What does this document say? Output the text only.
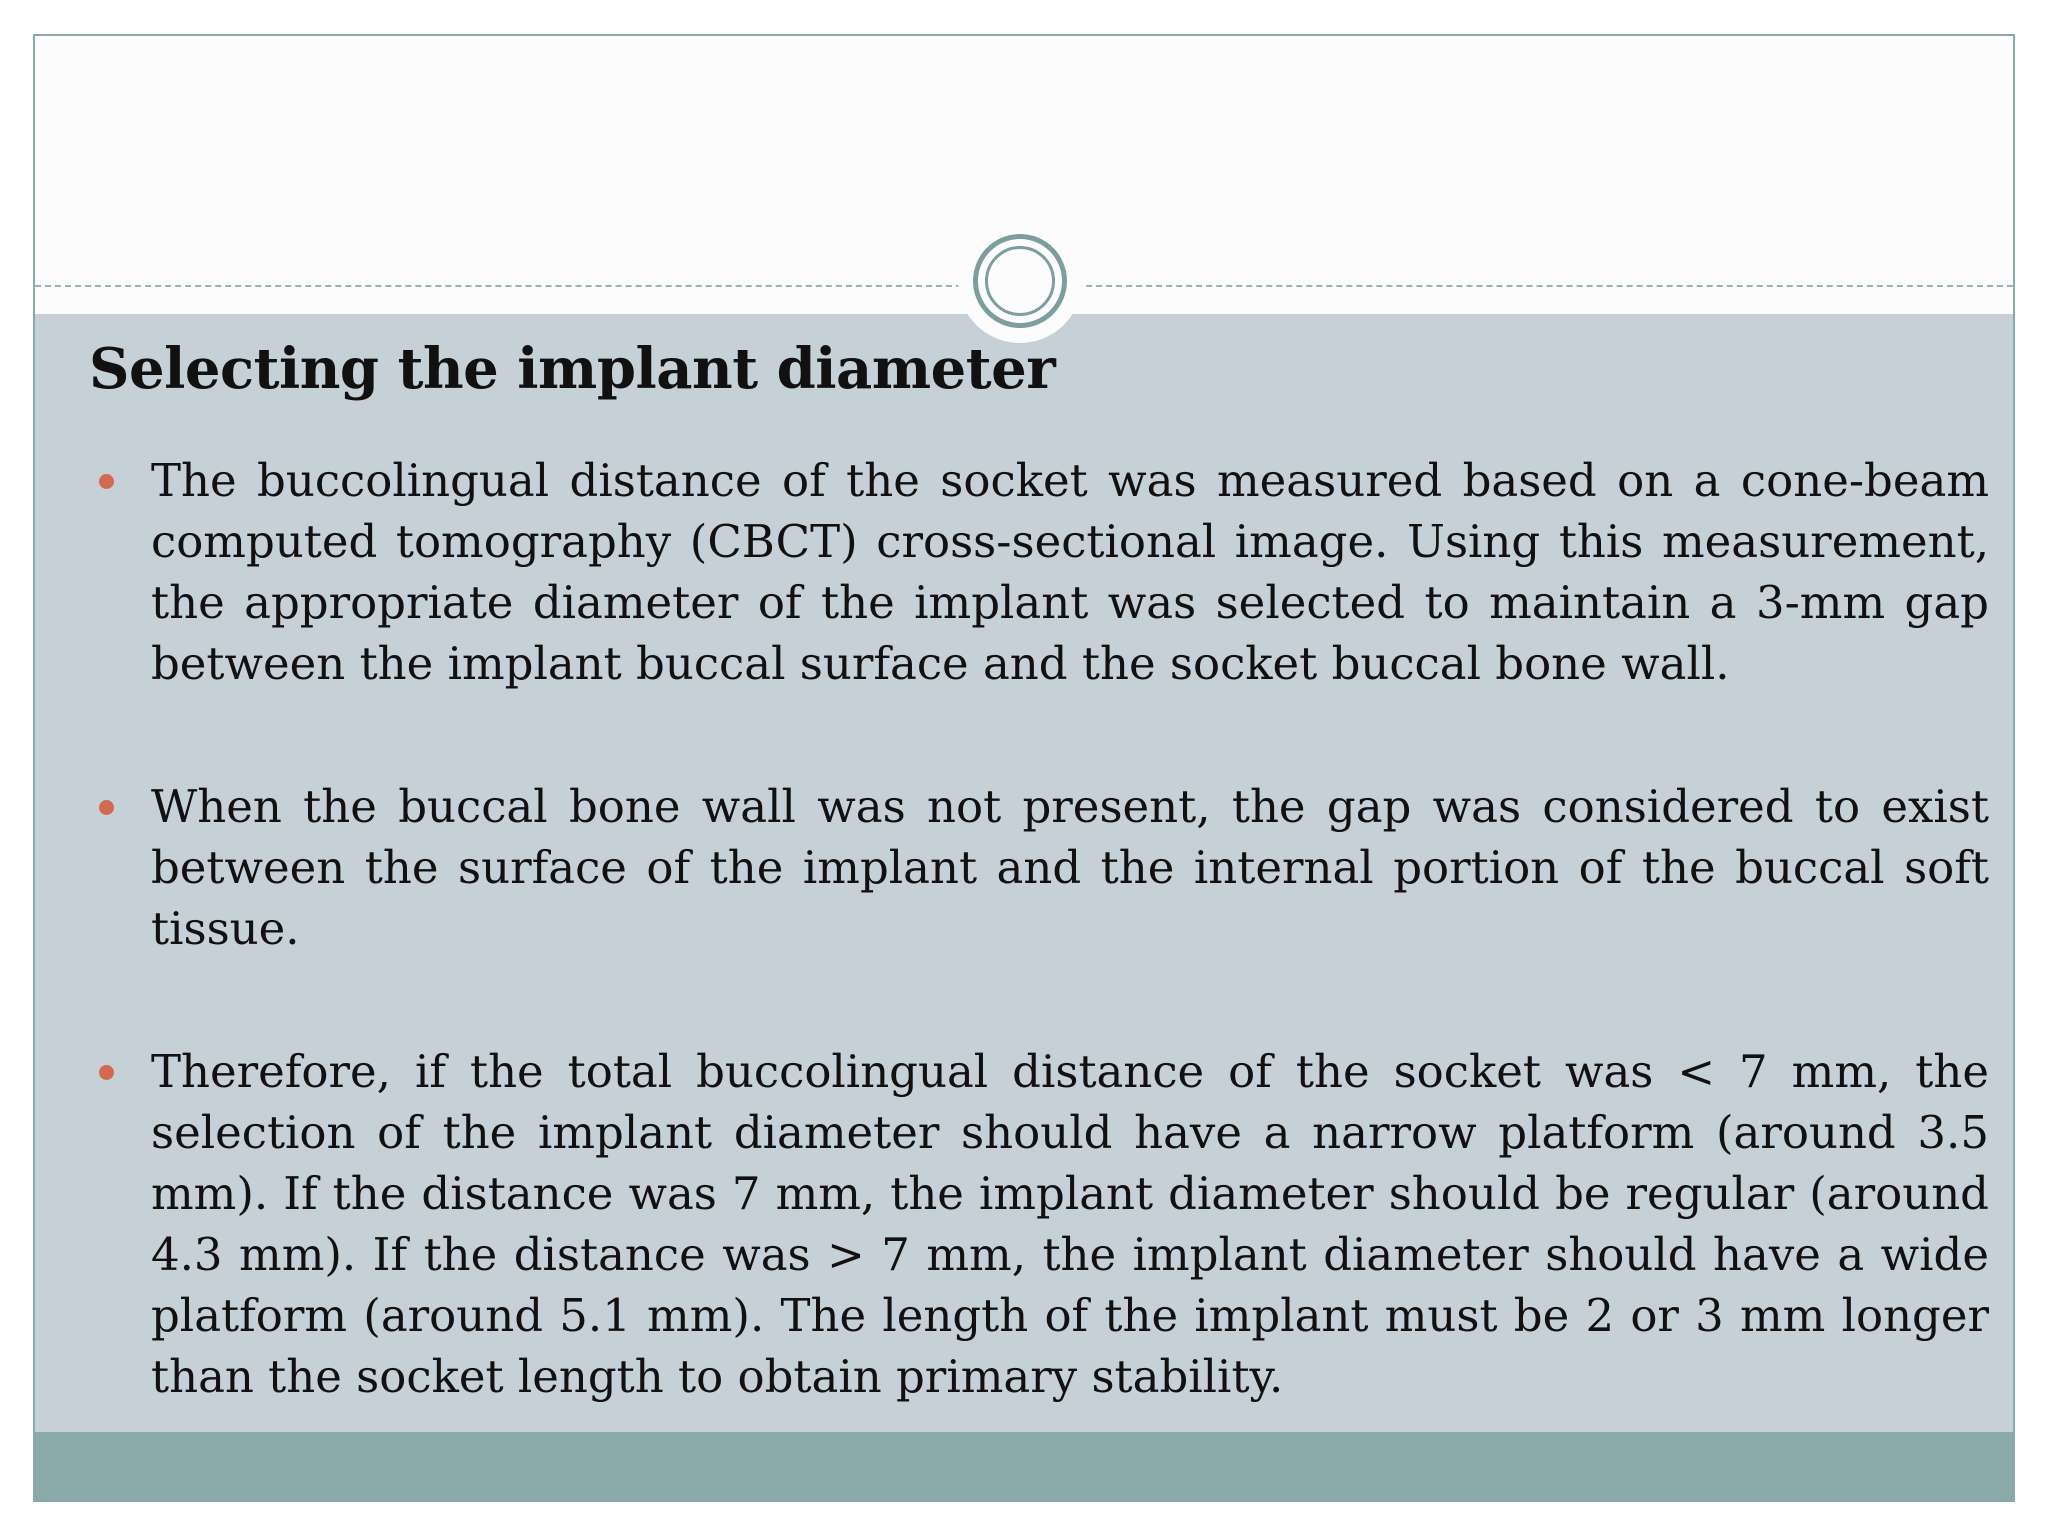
Selecting the implant diameter
The buccolingual distance of the socket was measured based on a cone-beam computed tomography (CBCT) cross-sectional image. Using this measurement, the appropriate diameter of the implant was selected to maintain a 3-mm gap between the implant buccal surface and the socket buccal bone wall.
When the buccal bone wall was not present, the gap was considered to exist between the surface of the implant and the internal portion of the buccal soft tissue.
Therefore, if the total buccolingual distance of the socket was < 7 mm, the selection of the implant diameter should have a narrow platform (around 3.5 mm). If the distance was 7 mm, the implant diameter should be regular (around 4.3 mm). If the distance was > 7 mm, the implant diameter should have a wide platform (around 5.1 mm). The length of the implant must be 2 or 3 mm longer than the socket length to obtain primary stability.
